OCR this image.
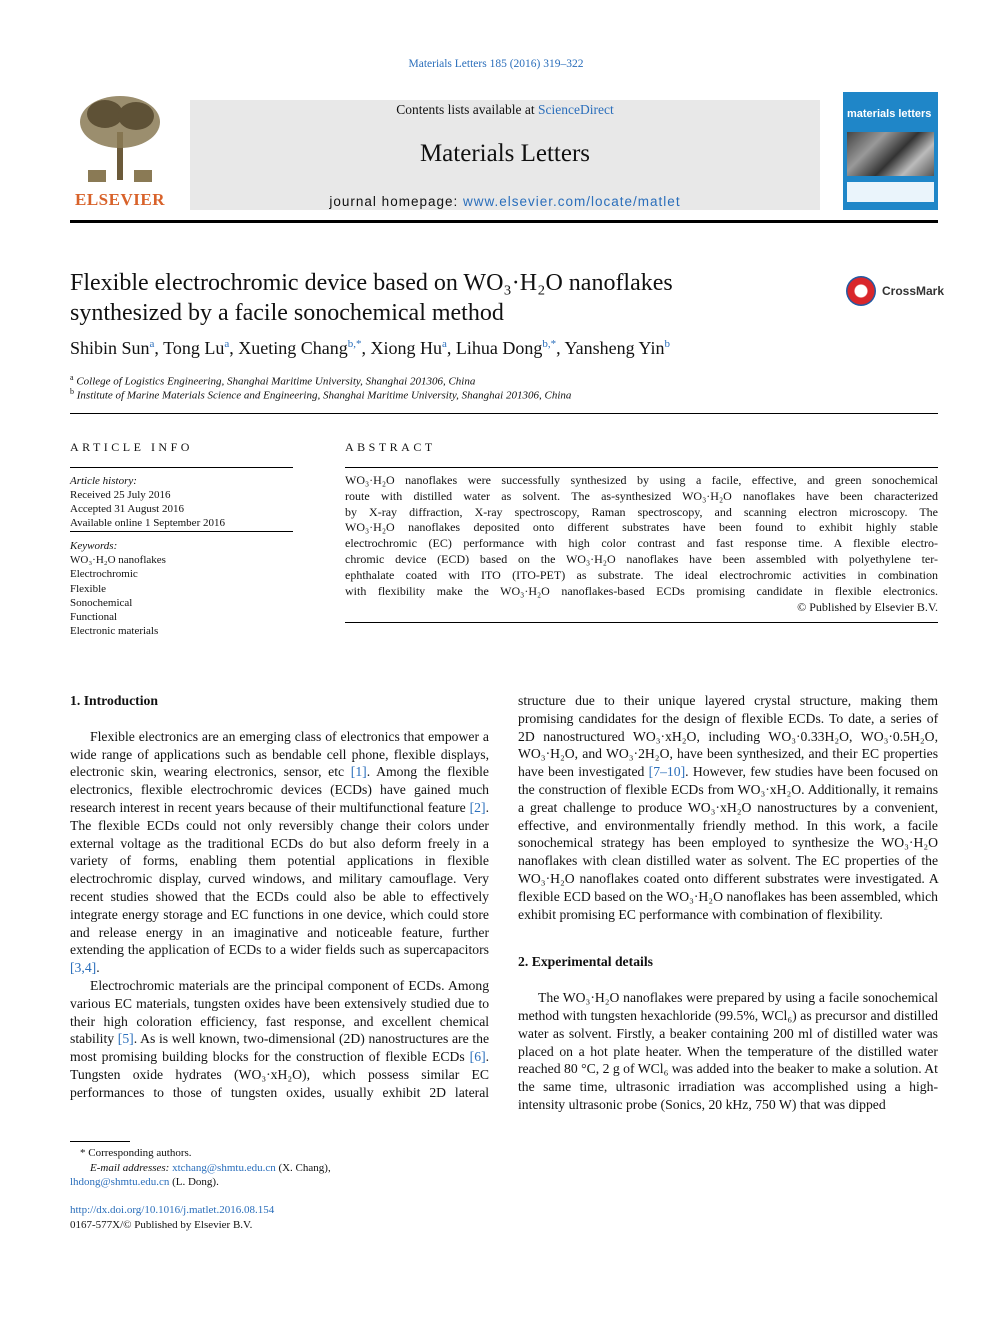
Materials Letters 185 (2016) 319–322
ELSEVIER
Contents lists available at ScienceDirect
Materials Letters
journal homepage: www.elsevier.com/locate/matlet
materials letters
Flexible electrochromic device based on WO₃·H₂O nanoflakes
synthesized by a facile sonochemical method
CrossMark
Shibin Sun$^a$, Tong Lu$^a$, Xueting Chang$^{b,*}$, Xiong Hu$^a$, Lihua Dong$^{b,*}$, Yansheng Yin$^b$
$^a$ College of Logistics Engineering, Shanghai Maritime University, Shanghai 201306, China
$^b$ Institute of Marine Materials Science and Engineering, Shanghai Maritime University, Shanghai 201306, China
ARTICLE INFO	ABSTRACT
Article history:
Received 25 July 2016
Accepted 31 August 2016
Available online 1 September 2016
Keywords:
WO₃·H₂O nanoflakes
Electrochromic
Flexible
Sonochemical
Functional
Electronic materials
WO₃·H₂O nanoflakes were successfully synthesized by using a facile, effective, and green sonochemical
route with distilled water as solvent. The as-synthesized WO₃·H₂O nanoflakes have been characterized
by X-ray diffraction, X-ray spectroscopy, Raman spectroscopy, and scanning electron microscopy. The
WO₃·H₂O nanoflakes deposited onto different substrates have been found to exhibit highly stable
electrochromic (EC) performance with high color contrast and fast response time. A flexible electro-
chromic device (ECD) based on the WO₃·H₂O nanoflakes have been assembled with polyethylene ter-
ephthalate coated with ITO (ITO-PET) as substrate. The ideal electrochromic activities in combination
with flexibility make the WO₃·H₂O nanoflakes-based ECDs promising candidate in flexible electronics.
© Published by Elsevier B.V.
1. Introduction

Flexible electronics are an emerging class of electronics that empower a wide range of applications such as bendable cell phone, flexible displays, electronic skin, wearing electronics, sensor, etc [1]. Among the flexible electronics, flexible electrochromic devices (ECDs) have gained much research interest in recent years because of their multifunctional feature [2]. The flexible ECDs could not only reversibly change their colors under external voltage as the traditional ECDs do but also deform freely in a variety of forms, enabling them potential applications in flexible electrochromic display, curved windows, and military camouflage. Very recent studies showed that the ECDs could also be able to effectively integrate energy storage and EC functions in one device, which could store and release energy in an imaginative and noticeable feature, further extending the application of ECDs to a wider fields such as supercapacitors [3,4].

Electrochromic materials are the principal component of ECDs. Among various EC materials, tungsten oxides have been extensively studied due to their high coloration efficiency, fast response, and excellent chemical stability [5]. As is well known, two-dimensional (2D) nanostructures are the most promising building blocks for the construction of flexible ECDs [6]. Tungsten oxide hydrates (WO₃·xH₂O), which possess similar EC performances to those of tungsten oxides, usually exhibit 2D lateral

structure due to their unique layered crystal structure, making them promising candidates for the design of flexible ECDs. To date, a series of 2D nanostructured WO₃·xH₂O, including WO₃·0.33H₂O, WO₃·0.5H₂O, WO₃·H₂O, and WO₃·2H₂O, have been synthesized, and their EC properties have been investigated [7–10]. However, few studies have been focused on the construction of flexible ECDs from WO₃·xH₂O. Additionally, it remains a great challenge to produce WO₃·xH₂O nanostructures by a convenient, effective, and environmentally friendly method. In this work, a facile sonochemical strategy has been employed to synthesize the WO₃·H₂O nanoflakes with clean distilled water as solvent. The EC properties of the WO₃·H₂O nanoflakes coated onto different substrates were investigated. A flexible ECD based on the WO₃·H₂O nanoflakes has been assembled, which exhibit promising EC performance with combination of flexibility.

2. Experimental details

The WO₃·H₂O nanoflakes were prepared by using a facile sonochemical method with tungsten hexachloride (99.5%, WCl₆) as precursor and distilled water as solvent. Firstly, a beaker containing 200 ml of distilled water was placed on a hot plate heater. When the temperature of the distilled water reached 80 °C, 2 g of WCl₆ was added into the beaker to make a solution. At the same time, ultrasonic irradiation was accomplished using a high-intensity ultrasonic probe (Sonics, 20 kHz, 750 W) that was dipped

* Corresponding authors.
E-mail addresses: xtchang@shmtu.edu.cn (X. Chang),
lhdong@shmtu.edu.cn (L. Dong).
http://dx.doi.org/10.1016/j.matlet.2016.08.154
0167-577X/© Published by Elsevier B.V.
